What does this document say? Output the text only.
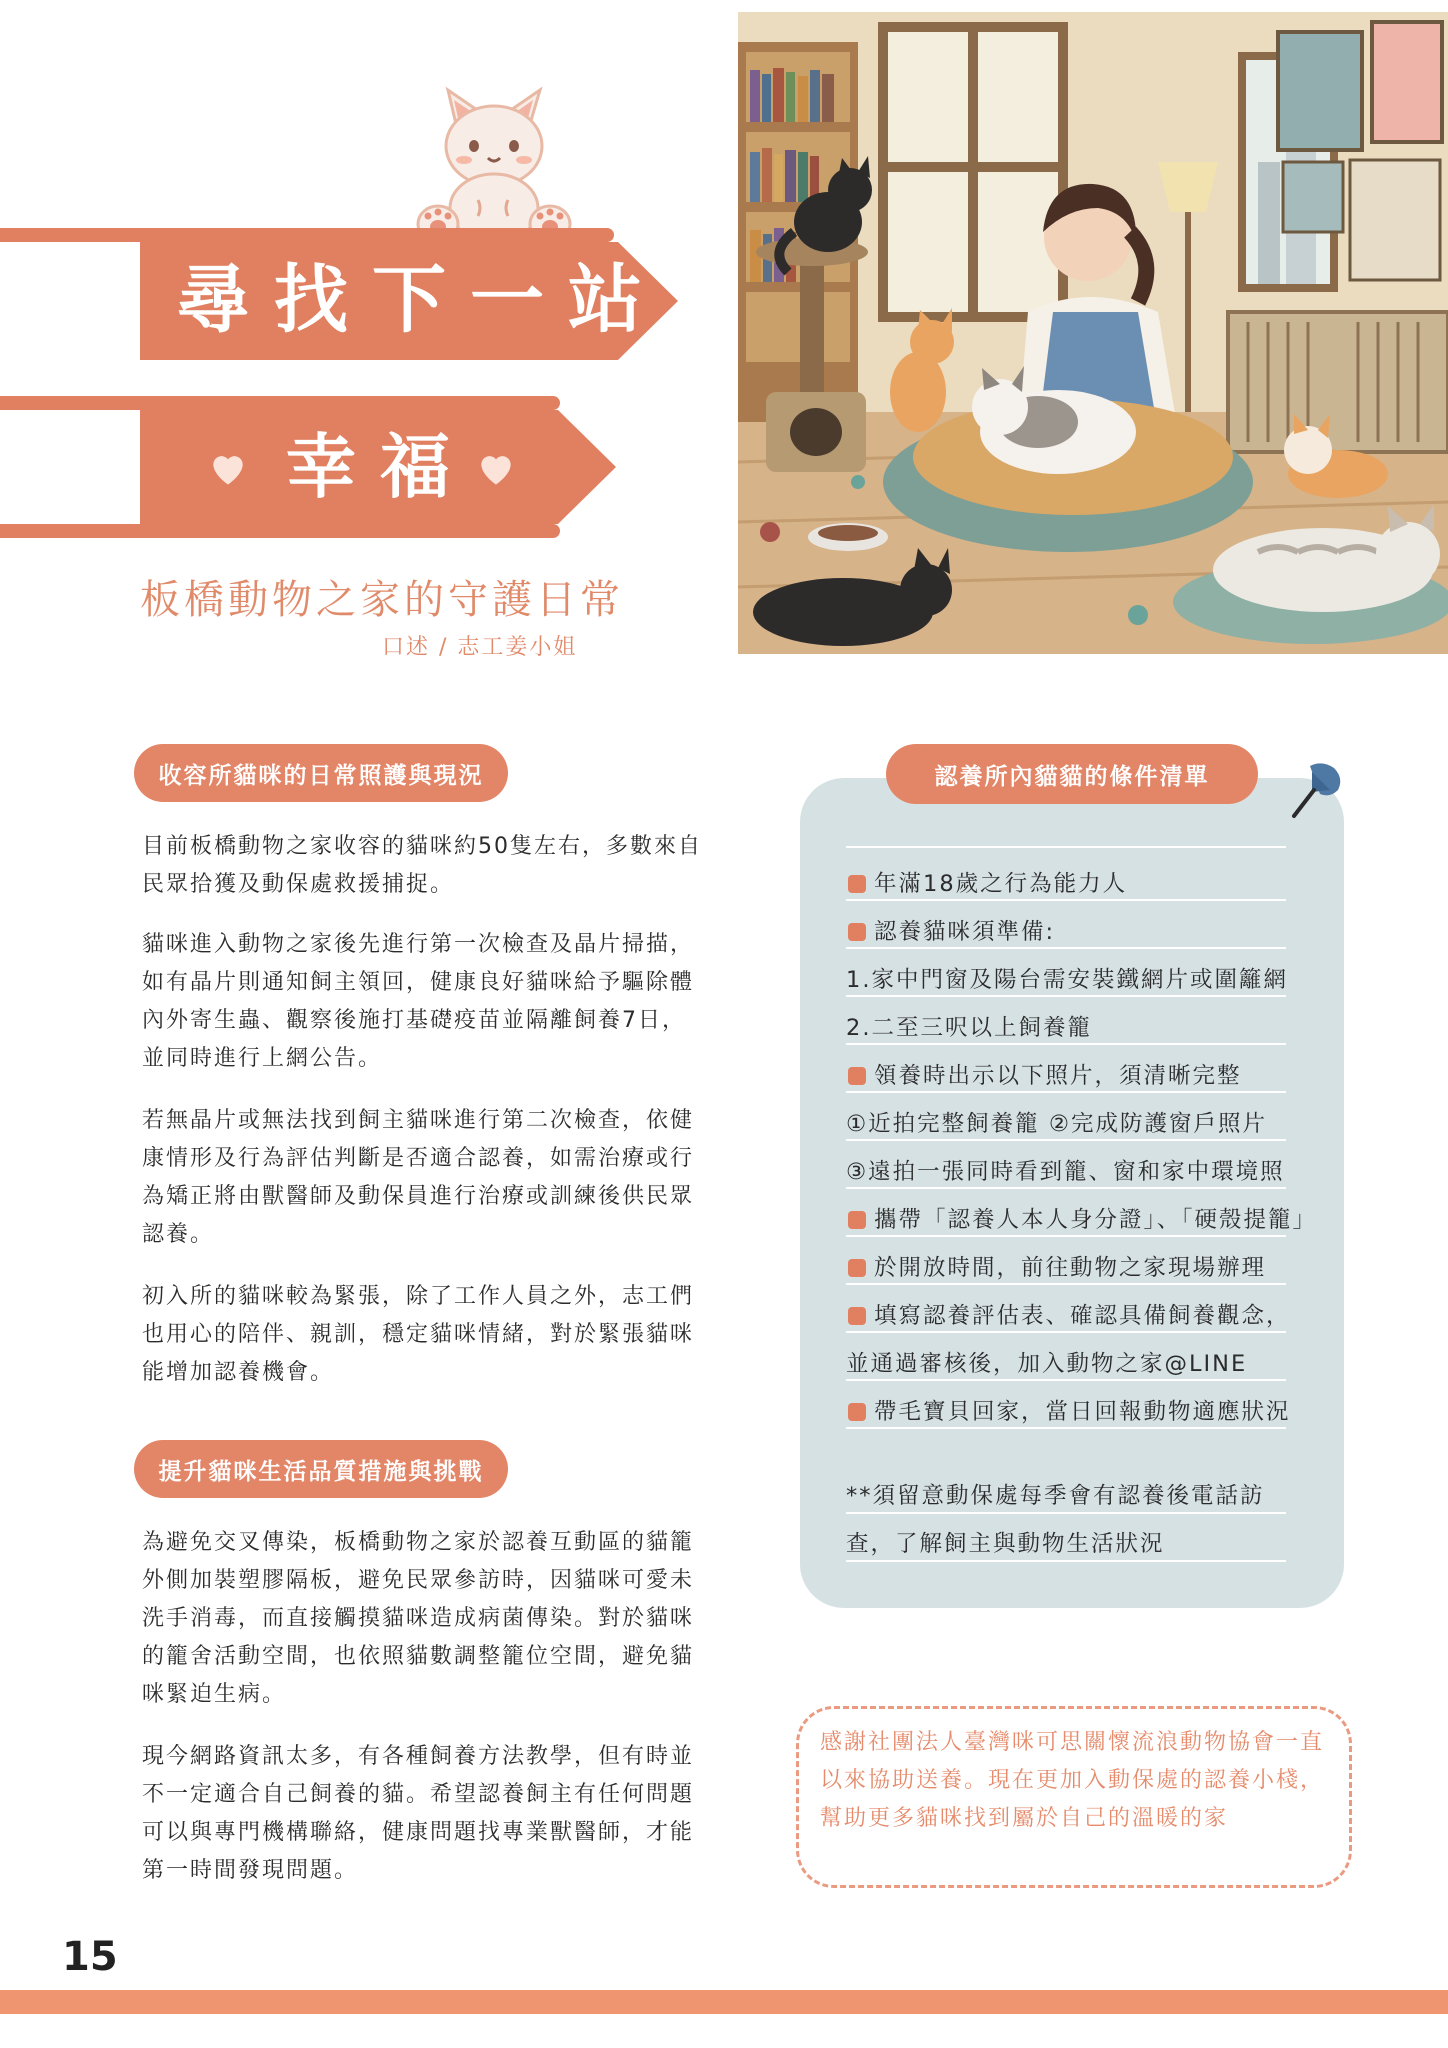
尋找下一站
幸福
板橋動物之家的守護日常
口述 / 志工姜小姐
收容所貓咪的日常照護與現況

目前板橋動物之家收容的貓咪約50隻左右，多數來自民眾拾獲及動保處救援捕捉。

貓咪進入動物之家後先進行第一次檢查及晶片掃描，如有晶片則通知飼主領回，健康良好貓咪給予驅除體內外寄生蟲、觀察後施打基礎疫苗並隔離飼養7日，並同時進行上網公告。

若無晶片或無法找到飼主貓咪進行第二次檢查，依健康情形及行為評估判斷是否適合認養，如需治療或行為矯正將由獸醫師及動保員進行治療或訓練後供民眾認養。

初入所的貓咪較為緊張，除了工作人員之外，志工們也用心的陪伴、親訓，穩定貓咪情緒，對於緊張貓咪能增加認養機會。

提升貓咪生活品質措施與挑戰

為避免交叉傳染，板橋動物之家於認養互動區的貓籠外側加裝塑膠隔板，避免民眾參訪時，因貓咪可愛未洗手消毒，而直接觸摸貓咪造成病菌傳染。對於貓咪的籠舍活動空間，也依照貓數調整籠位空間，避免貓咪緊迫生病。

現今網路資訊太多，有各種飼養方法教學，但有時並不一定適合自己飼養的貓。希望認養飼主有任何問題可以與專門機構聯絡，健康問題找專業獸醫師，才能第一時間發現問題。

認養所內貓貓的條件清單
年滿18歲之行為能力人
認養貓咪須準備:
1.家中門窗及陽台需安裝鐵網片或圍籬網
2.二至三呎以上飼養籠
領養時出示以下照片，須清晰完整
①近拍完整飼養籠 ②完成防護窗戶照片
③遠拍一張同時看到籠、窗和家中環境照
攜帶「認養人本人身分證」、「硬殼提籠」
於開放時間，前往動物之家現場辦理
填寫認養評估表、確認具備飼養觀念，
並通過審核後，加入動物之家@LINE
帶毛寶貝回家，當日回報動物適應狀況
**須留意動保處每季會有認養後電話訪
查，了解飼主與動物生活狀況
感謝社團法人臺灣咪可思關懷流浪動物協會一直以來協助送養。現在更加入動保處的認養小棧，幫助更多貓咪找到屬於自己的溫暖的家
15
